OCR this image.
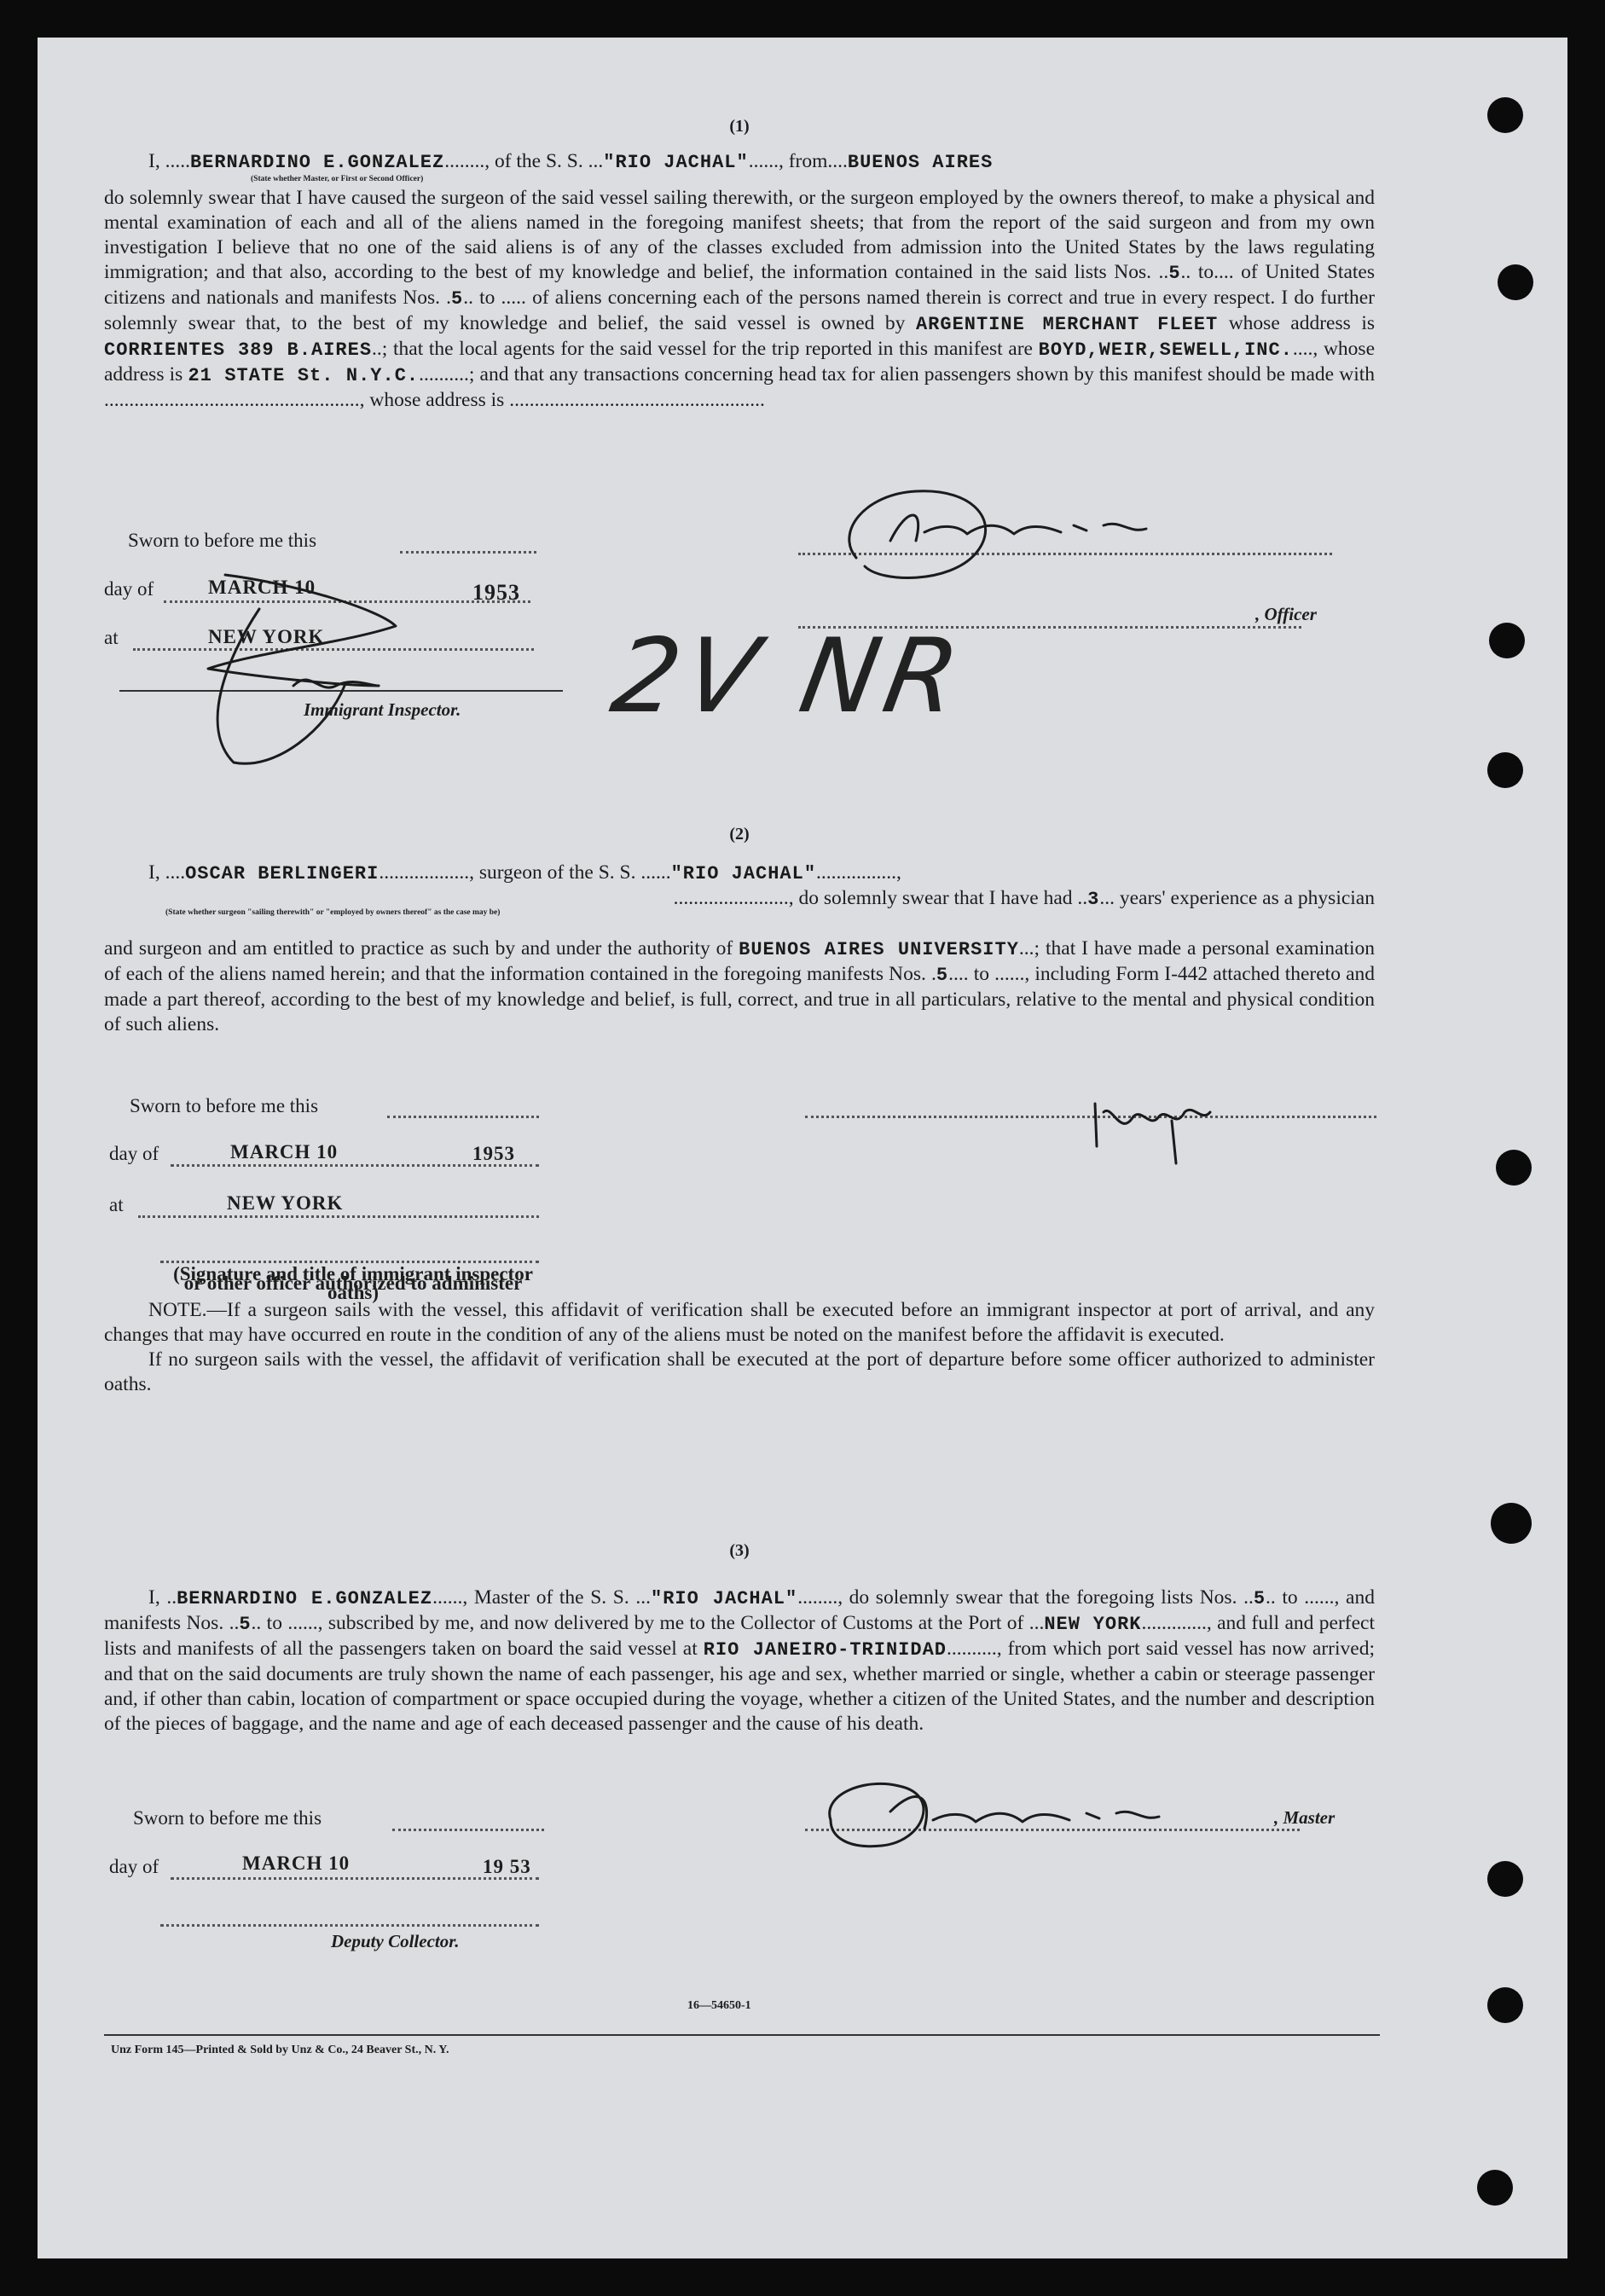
(1)

I, .....BERNARDINO E.GONZALEZ........, of the S. S. ..."RIO JACHAL"......, from....BUENOS AIRES

(State whether Master, or First or Second Officer)

do solemnly swear that I have caused the surgeon of the said vessel sailing therewith, or the surgeon employed by the owners thereof, to make a physical and mental examination of each and all of the aliens named in the foregoing manifest sheets; that from the report of the said surgeon and from my own investigation I believe that no one of the said aliens is of any of the classes excluded from admission into the United States by the laws regulating immigration; and that also, according to the best of my knowledge and belief, the information contained in the said lists Nos. ..5.. to.... of United States citizens and nationals and manifests Nos. .5.. to ..... of aliens concerning each of the persons named therein is correct and true in every respect. I do further solemnly swear that, to the best of my knowledge and belief, the said vessel is owned by ARGENTINE MERCHANT FLEET whose address is CORRIENTES 389 B.AIRES..; that the local agents for the said vessel for the trip reported in this manifest are BOYD,WEIR,SEWELL,INC....., whose address is 21 STATE St. N.Y.C...........; and that any transactions concerning head tax for alien passengers shown by this manifest should be made with ..................................................., whose address is ...................................................

Sworn to before me this
day of	MARCH 10	1953
at	NEW YORK
Immigrant Inspector.
, Officer
2V NR

(2)

I, ....OSCAR BERLINGERI.................., surgeon of the S. S. ......"RIO JACHAL"................,

......................., do solemnly swear that I have had ..3... years' experience as a physician

(State whether surgeon "sailing therewith" or "employed by owners thereof" as the case may be)

and surgeon and am entitled to practice as such by and under the authority of BUENOS AIRES UNIVERSITY...; that I have made a personal examination of each of the aliens named herein; and that the information contained in the foregoing manifests Nos. .5.... to ......, including Form I-442 attached thereto and made a part thereof, according to the best of my knowledge and belief, is full, correct, and true in all particulars, relative to the mental and physical condition of such aliens.

Sworn to before me this
day of	MARCH 10	1953
at	NEW YORK
(Signature and title of immigrant inspector or other officer authorized to administer oaths)

NOTE.—If a surgeon sails with the vessel, this affidavit of verification shall be executed before an immigrant inspector at port of arrival, and any changes that may have occurred en route in the condition of any of the aliens must be noted on the manifest before the affidavit is executed.

If no surgeon sails with the vessel, the affidavit of verification shall be executed at the port of departure before some officer authorized to administer oaths.

(3)

I, ..BERNARDINO E.GONZALEZ......, Master of the S. S. ..."RIO JACHAL"........, do solemnly swear that the foregoing lists Nos. ..5.. to ......, and manifests Nos. ..5.. to ......, subscribed by me, and now delivered by me to the Collector of Customs at the Port of ...NEW YORK............., and full and perfect lists and manifests of all the passengers taken on board the said vessel at RIO JANEIRO-TRINIDAD.........., from which port said vessel has now arrived; and that on the said documents are truly shown the name of each passenger, his age and sex, whether married or single, whether a cabin or steerage passenger and, if other than cabin, location of compartment or space occupied during the voyage, whether a citizen of the United States, and the number and description of the pieces of baggage, and the name and age of each deceased passenger and the cause of his death.

Sworn to before me this	, Master
day of	MARCH 10	19 53
Deputy Collector.
16—54650-1
Unz Form 145—Printed & Sold by Unz & Co., 24 Beaver St., N. Y.
